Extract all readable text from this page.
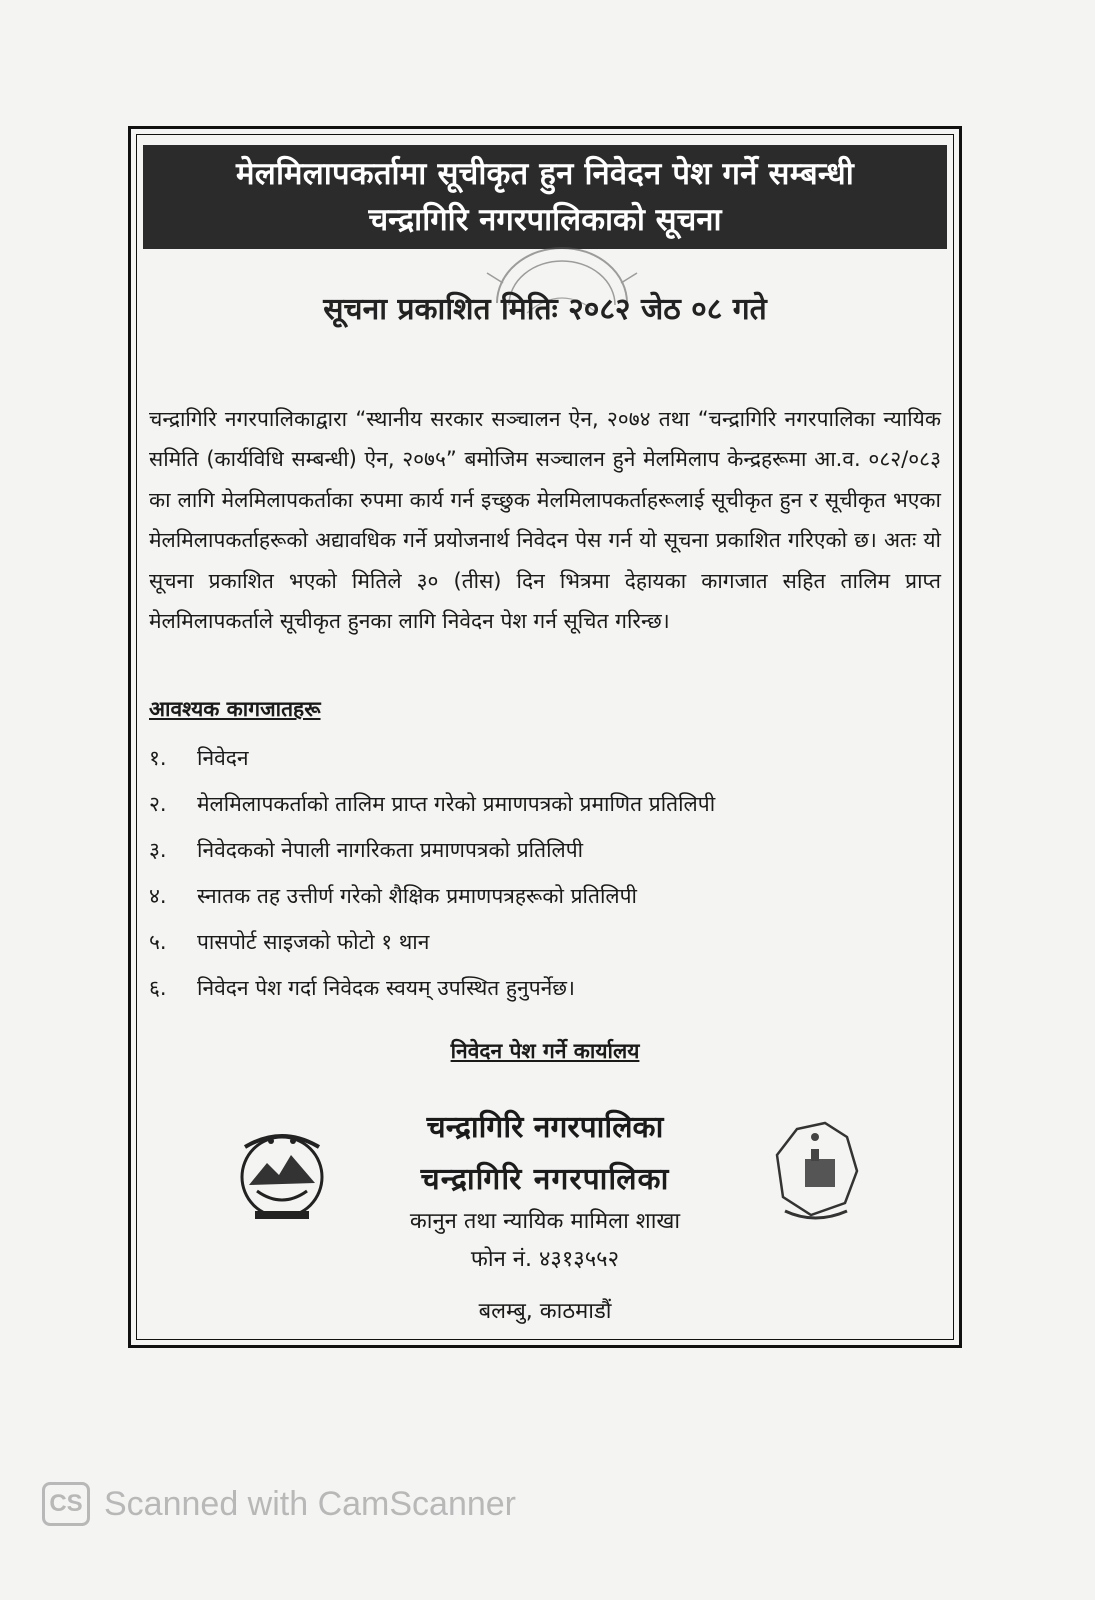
मेलमिलापकर्तामा सूचीकृत हुन निवेदन पेश गर्ने सम्बन्धी
चन्द्रागिरि नगरपालिकाको सूचना
सूचना प्रकाशित मितिः २०८२ जेठ ०८ गते
चन्द्रागिरि नगरपालिकाद्वारा “स्थानीय सरकार सञ्चालन ऐन, २०७४ तथा “चन्द्रागिरि नगरपालिका न्यायिक समिति (कार्यविधि सम्बन्धी) ऐन, २०७५” बमोजिम सञ्चालन हुने मेलमिलाप केन्द्रहरूमा आ.व. ०८२/०८३ का लागि मेलमिलापकर्ताका रुपमा कार्य गर्न इच्छुक मेलमिलापकर्ताहरूलाई सूचीकृत हुन र सूचीकृत भएका मेलमिलापकर्ताहरूको अद्यावधिक गर्ने प्रयोजनार्थ निवेदन पेस गर्न यो सूचना प्रकाशित गरिएको छ। अतः यो सूचना प्रकाशित भएको मितिले ३० (तीस) दिन भित्रमा देहायका कागजात सहित तालिम प्राप्त मेलमिलापकर्ताले सूचीकृत हुनका लागि निवेदन पेश गर्न सूचित गरिन्छ।
आवश्यक कागजातहरू
१.	निवेदन
२.	मेलमिलापकर्ताको तालिम प्राप्त गरेको प्रमाणपत्रको प्रमाणित प्रतिलिपी
३.	निवेदकको नेपाली नागरिकता प्रमाणपत्रको प्रतिलिपी
४.	स्नातक तह उत्तीर्ण गरेको शैक्षिक प्रमाणपत्रहरूको प्रतिलिपी
५.	पासपोर्ट साइजको फोटो १ थान
६.	निवेदन पेश गर्दा निवेदक स्वयम् उपस्थित हुनुपर्नेछ।
निवेदन पेश गर्ने कार्यालय
चन्द्रागिरि नगरपालिका
चन्द्रागिरि नगरपालिका
कानुन तथा न्यायिक मामिला शाखा
फोन नं. ४३१३५५२
बलम्बु, काठमाडौं
CS Scanned with CamScanner
